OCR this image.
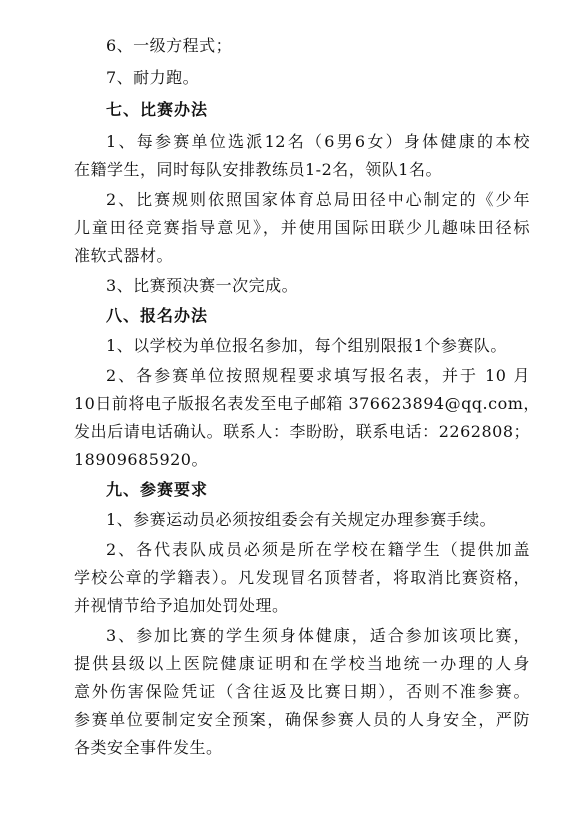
6、一级方程式；
7、耐力跑。
七、比赛办法
1、每参赛单位选派12名（6男6女）身体健康的本校
在籍学生，同时每队安排教练员1-2名，领队1名。
2、比赛规则依照国家体育总局田径中心制定的《少年
儿童田径竞赛指导意见》，并使用国际田联少儿趣味田径标
准软式器材。
3、比赛预决赛一次完成。
八、报名办法
1、以学校为单位报名参加，每个组别限报1个参赛队。
2、各参赛单位按照规程要求填写报名表，并于 10 月
10日前将电子版报名表发至电子邮箱 376623894@qq.com，
发出后请电话确认。联系人：李盼盼，联系电话：2262808；
18909685920。
九、参赛要求
1、参赛运动员必须按组委会有关规定办理参赛手续。
2、各代表队成员必须是所在学校在籍学生（提供加盖
学校公章的学籍表）。凡发现冒名顶替者，将取消比赛资格，
并视情节给予追加处罚处理。
3、参加比赛的学生须身体健康，适合参加该项比赛，
提供县级以上医院健康证明和在学校当地统一办理的人身
意外伤害保险凭证（含往返及比赛日期），否则不准参赛。
参赛单位要制定安全预案，确保参赛人员的人身安全，严防
各类安全事件发生。
